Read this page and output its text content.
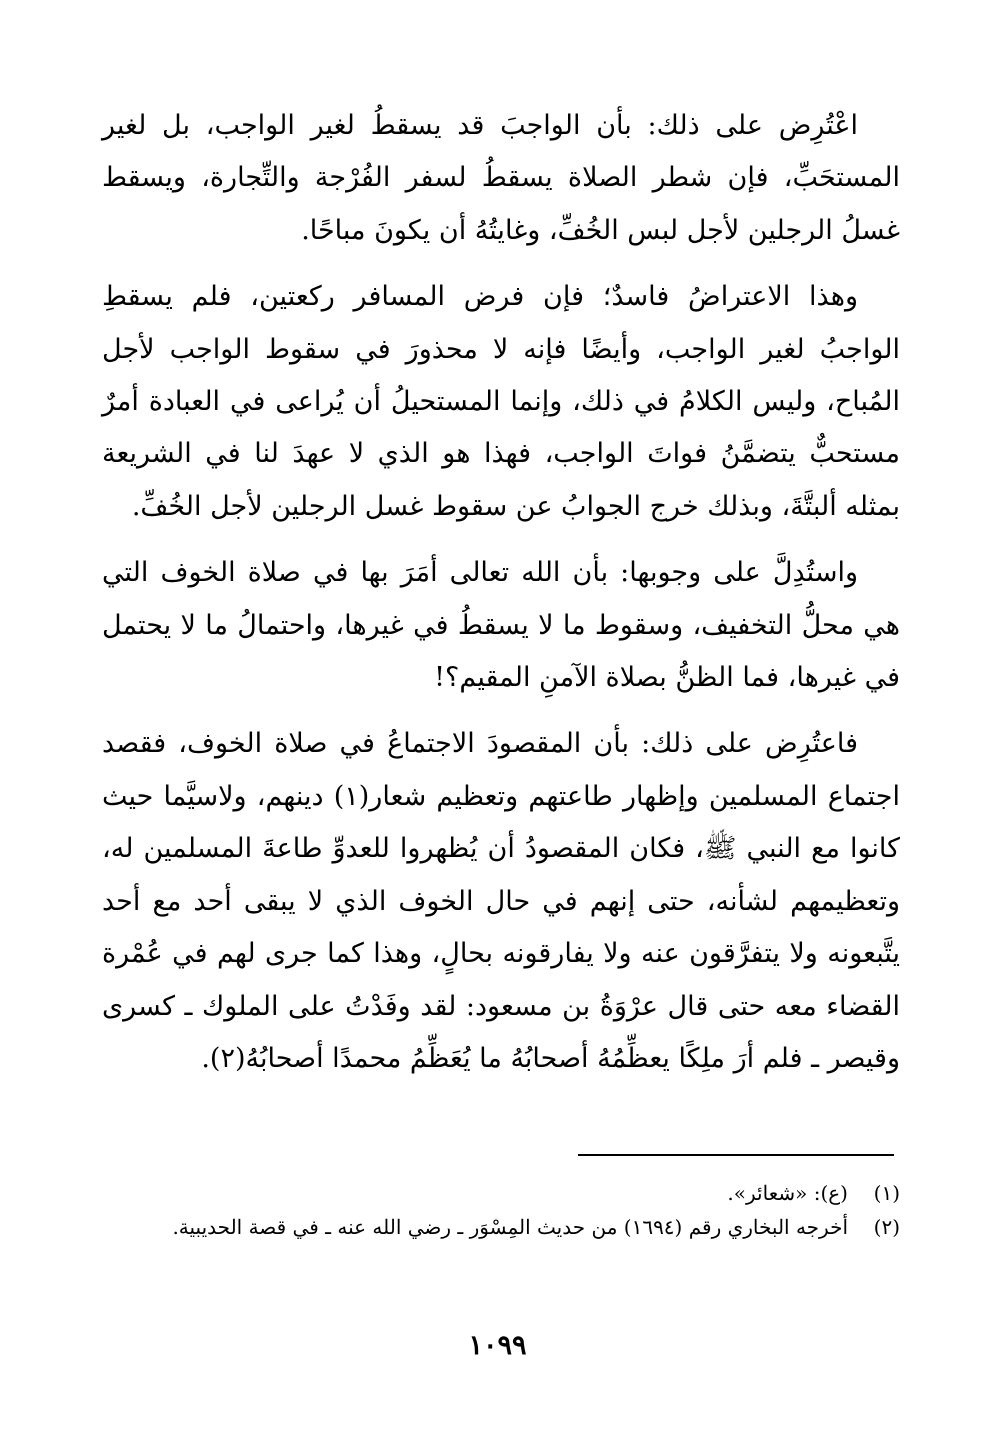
اعْتُرِض على ذلك: بأن الواجبَ قد يسقطُ لغير الواجب، بل لغير المستحَبِّ، فإن شطر الصلاة يسقطُ لسفر الفُرْجة والتِّجارة، ويسقط غسلُ الرجلين لأجل لبس الخُفِّ، وغايتُهُ أن يكونَ مباحًا.

وهذا الاعتراضُ فاسدٌ؛ فإن فرض المسافر ركعتين، فلم يسقطِ الواجبُ لغير الواجب، وأيضًا فإنه لا محذورَ في سقوط الواجب لأجل المُباح، وليس الكلامُ في ذلك، وإنما المستحيلُ أن يُراعى في العبادة أمرٌ مستحبٌّ يتضمَّنُ فواتَ الواجب، فهذا هو الذي لا عهدَ لنا في الشريعة بمثله ألبتَّةَ، وبذلك خرج الجوابُ عن سقوط غسل الرجلين لأجل الخُفِّ.

واستُدِلَّ على وجوبها: بأن الله تعالى أمَرَ بها في صلاة الخوف التي هي محلُّ التخفيف، وسقوط ما لا يسقطُ في غيرها، واحتمالُ ما لا يحتمل في غيرها، فما الظنُّ بصلاة الآمنِ المقيم؟!

فاعتُرِض على ذلك: بأن المقصودَ الاجتماعُ في صلاة الخوف، فقصد اجتماع المسلمين وإظهار طاعتهم وتعظيم شعار(١) دينهم، ولاسيَّما حيث كانوا مع النبي ﷺ، فكان المقصودُ أن يُظهروا للعدوِّ طاعةَ المسلمين له، وتعظيمهم لشأنه، حتى إنهم في حال الخوف الذي لا يبقى أحد مع أحد يتَّبعونه ولا يتفرَّقون عنه ولا يفارقونه بحالٍ، وهذا كما جرى لهم في عُمْرة القضاء معه حتى قال عرْوَةُ بن مسعود: لقد وفَدْتُ على الملوك ـ كسرى وقيصر ـ فلم أرَ ملِكًا يعظِّمُهُ أصحابُهُ ما يُعَظِّمُ محمدًا أصحابُهُ(٢).

(١)
(ع): «شعائر».
(٢)
أخرجه البخاري رقم (١٦٩٤) من حديث المِسْوَر ـ رضي الله عنه ـ في قصة الحديبية.
١٠٩٩
